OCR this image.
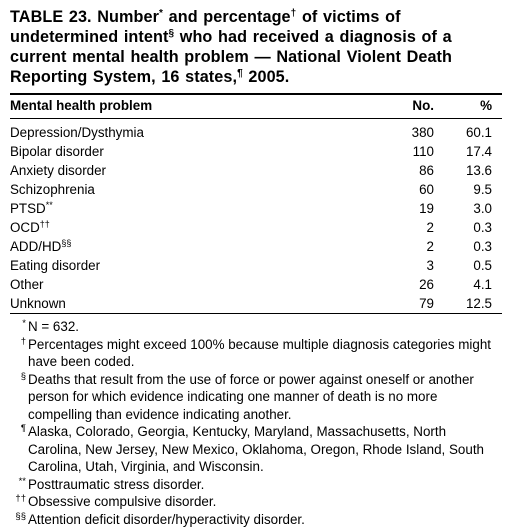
TABLE 23. Number* and percentage† of victims of undetermined intent§ who had received a diagnosis of a current mental health problem — National Violent Death Reporting System, 16 states,¶ 2005.
Mental health problem	No.	%

Depression/Dysthymia	380	60.1
Bipolar disorder	110	17.4
Anxiety disorder	86	13.6
Schizophrenia	60	9.5
PTSD**	19	3.0
OCD††	2	0.3
ADD/HD§§	2	0.3
Eating disorder	3	0.5
Other	26	4.1
Unknown	79	12.5
* N = 632.
† Percentages might exceed 100% because multiple diagnosis categories might have been coded.
§ Deaths that result from the use of force or power against oneself or another person for which evidence indicating one manner of death is no more compelling than evidence indicating another.
¶ Alaska, Colorado, Georgia, Kentucky, Maryland, Massachusetts, North Carolina, New Jersey, New Mexico, Oklahoma, Oregon, Rhode Island, South Carolina, Utah, Virginia, and Wisconsin.
** Posttraumatic stress disorder.
†† Obsessive compulsive disorder.
§§ Attention deficit disorder/hyperactivity disorder.
